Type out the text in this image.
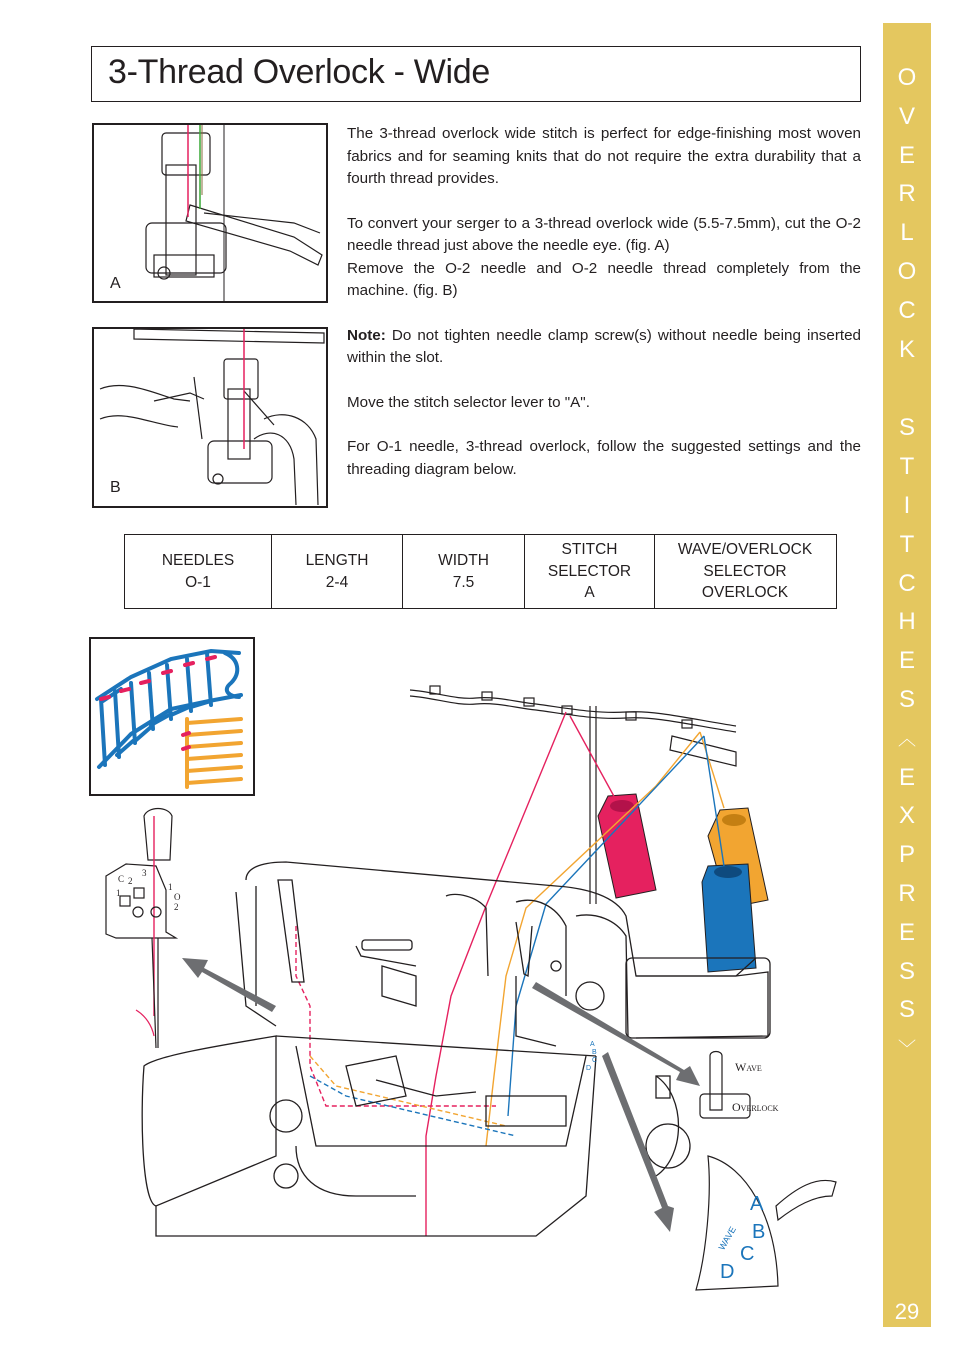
3-Thread Overlock - Wide
A
B

The 3-thread overlock wide stitch is perfect for edge-finishing most woven fabrics and for seaming knits that do not require the extra durability that a fourth thread provides.

To convert your serger to a 3-thread overlock wide (5.5-7.5mm), cut the O-2 needle thread just above the needle eye. (fig. A)

Remove the O-2 needle and O-2 needle thread completely from the machine. (fig. B)

Note: Do not tighten needle clamp screw(s) without needle being inserted within the slot.

Move the stitch selector lever to "A".

For O-1 needle, 3-thread overlock, follow the suggested settings and the threading diagram below.

NEEDLES
O-1
LENGTH
2-4
WIDTH
7.5
STITCH
SELECTOR
A
WAVE/OVERLOCK
SELECTOR
OVERLOCK
C 2
3
1
1
O
2
Wave
Overlock
A
B
C
D
WAVE
A
B
C
D
O
V
E
R
L
O
C
K
S
T
I
T
C
H
E
S
︿
E
X
P
R
E
S
S
﹀
29
